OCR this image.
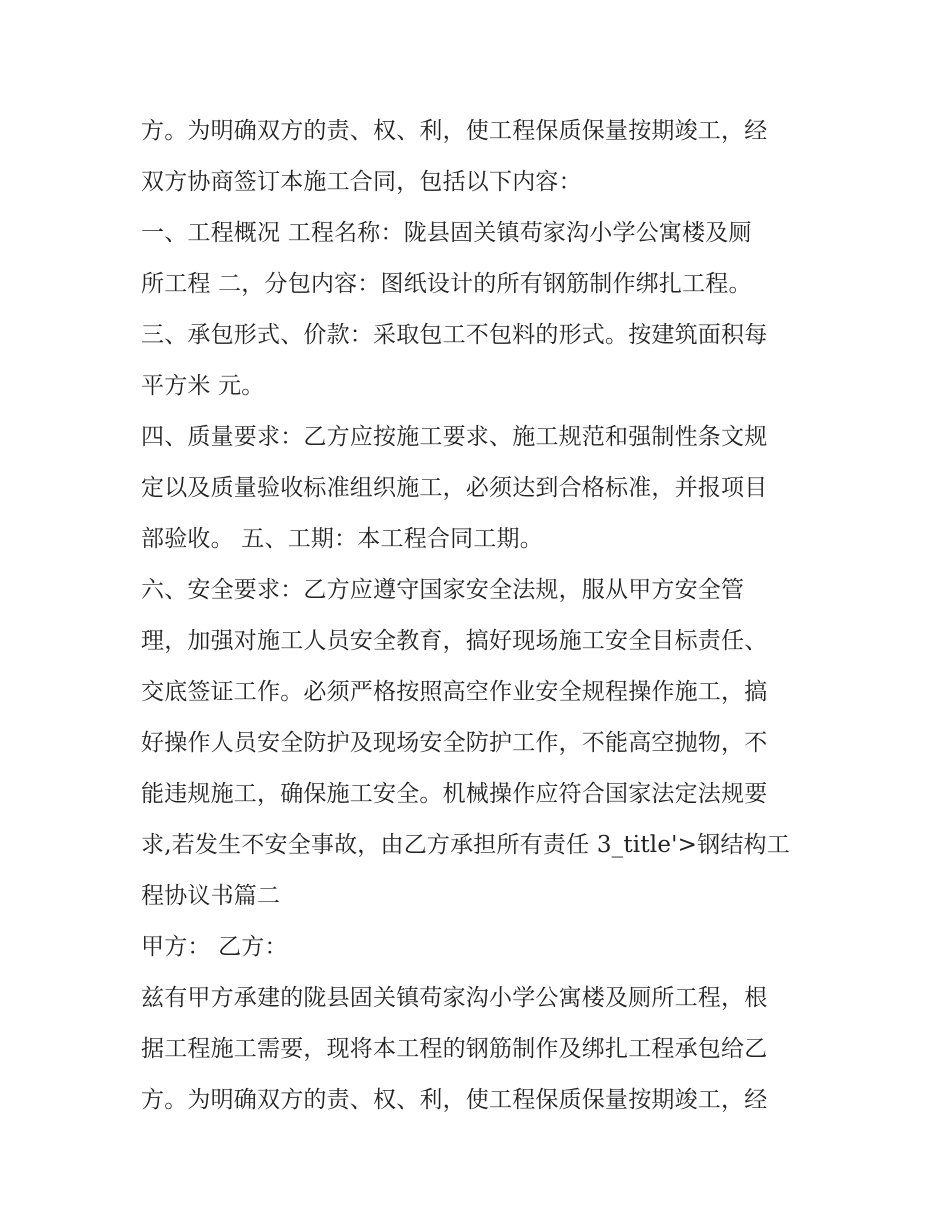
方。为明确双方的责、权、利，使工程保质保量按期竣工，经
双方协商签订本施工合同，包括以下内容：
一、工程概况 工程名称：陇县固关镇苟家沟小学公寓楼及厕
所工程 二，分包内容：图纸设计的所有钢筋制作绑扎工程。
三、承包形式、价款：采取包工不包料的形式。按建筑面积每
平方米 元。
四、质量要求：乙方应按施工要求、施工规范和强制性条文规
定以及质量验收标准组织施工，必须达到合格标准，并报项目
部验收。 五、工期：本工程合同工期。
六、安全要求：乙方应遵守国家安全法规，服从甲方安全管
理，加强对施工人员安全教育，搞好现场施工安全目标责任、
交底签证工作。必须严格按照高空作业安全规程操作施工，搞
好操作人员安全防护及现场安全防护工作，不能高空抛物，不
能违规施工，确保施工安全。机械操作应符合国家法定法规要
求,若发生不安全事故，由乙方承担所有责任 3_title'>钢结构工
程协议书篇二
甲方： 乙方：
兹有甲方承建的陇县固关镇苟家沟小学公寓楼及厕所工程，根
据工程施工需要，现将本工程的钢筋制作及绑扎工程承包给乙
方。为明确双方的责、权、利，使工程保质保量按期竣工，经
